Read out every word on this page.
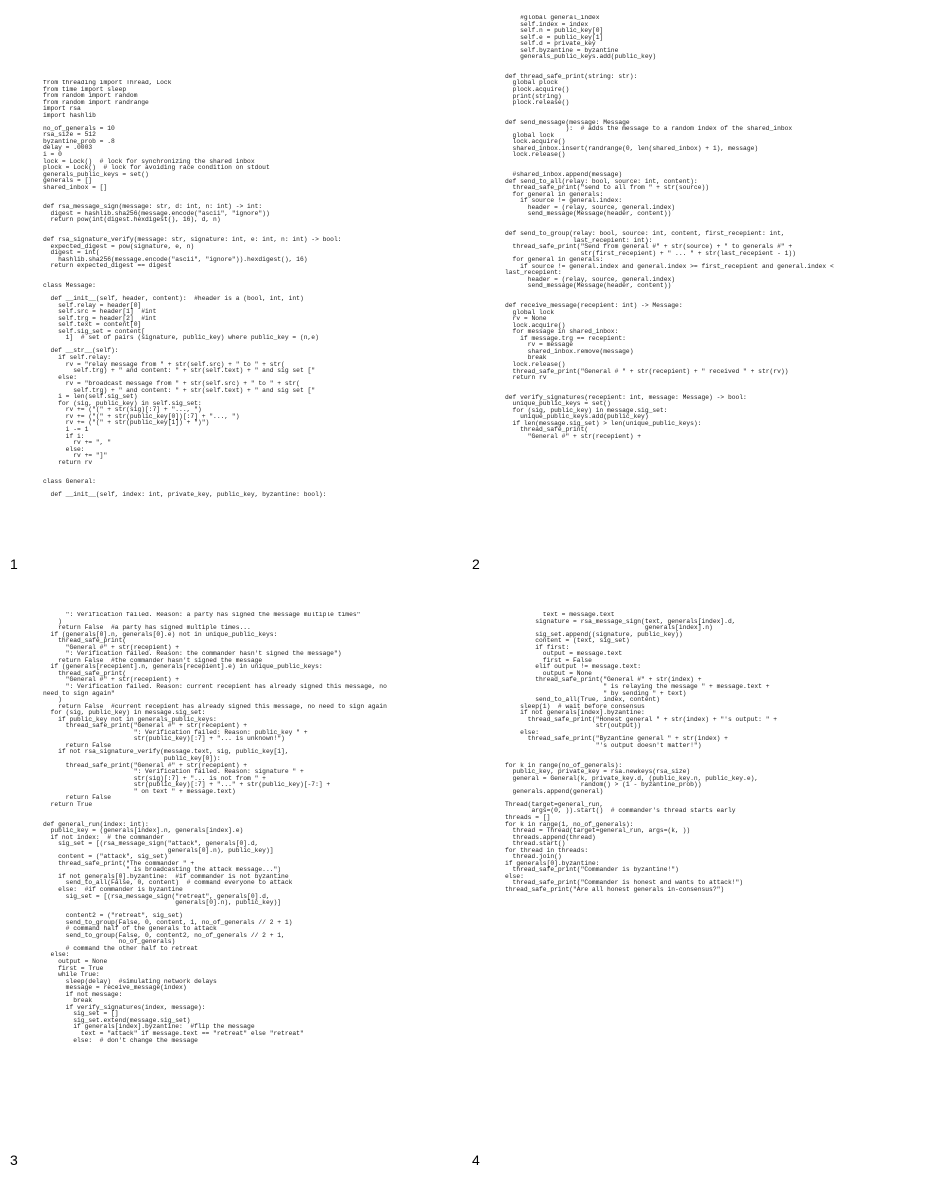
from threading import Thread, Lock
from time import sleep
from random import random
from random import randrange
import rsa
import hashlib

no_of_generals = 10
rsa_size = 512
byzantine_prob = .8
delay = .0003
i = 0
lock = Lock()  # lock for synchronizing the shared inbox
plock = Lock()  # lock for avoiding race condition on stdout
generals_public_keys = set()
generals = []
shared_inbox = []

def rsa_message_sign(message: str, d: int, n: int) -> int:
digest = hashlib.sha256(message.encode("ascii", "ignore"))
return pow(int(digest.hexdigest(), 16), d, n)

def rsa_signature_verify(message: str, signature: int, e: int, n: int) -> bool:
expected_digest = pow(signature, e, n)
digest = int(
hashlib.sha256(message.encode("ascii", "ignore")).hexdigest(), 16)
return expected_digest == digest

class Message:

def __init__(self, header, content):  #header is a (bool, int, int)
self.relay = header[0]
self.src = header[1]  #int
self.trg = header[2]  #int
self.text = content[0]
self.sig_set = content[
1]  # set of pairs (signature, public_key) where public_key = (n,e)

def __str__(self):
if self.relay:
rv = "relay message from " + str(self.src) + " to " + str(
self.trg) + " and content: " + str(self.text) + " and sig set ["
else:
rv = "broadcast message from " + str(self.src) + " to " + str(
self.trg) + " and content: " + str(self.text) + " and sig set ["
i = len(self.sig_set)
for (sig, public_key) in self.sig_set:
rv += ("(" + str(sig)[:7] + "..., ")
rv += ("(" + str(public_key[0])[:7] + "..., ")
rv += ("(" + str(public_key[1]) + ")")
i -= 1
if i:
rv += ", "
else:
rv += "]"
return rv

class General:

def __init__(self, index: int, private_key, public_key, byzantine: bool):
1
#global general_index
self.index = index
self.n = public_key[0]
self.e = public_key[1]
self.d = private_key
self.byzantine = byzantine
generals_public_keys.add(public_key)

def thread_safe_print(string: str):
global plock
plock.acquire()
print(string)
plock.release()

def send_message(message: Message
):  # adds the message to a random index of the shared_inbox
global lock
lock.acquire()
shared_inbox.insert(randrange(0, len(shared_inbox) + 1), message)
lock.release()

#shared_inbox.append(message)
def send_to_all(relay: bool, source: int, content):
thread_safe_print("send to all from " + str(source))
for general in generals:
if source != general.index:
header = (relay, source, general.index)
send_message(Message(header, content))

def send_to_group(relay: bool, source: int, content, first_recepient: int,
last_recepient: int):
thread_safe_print("Send from general #" + str(source) + " to generals #" +
str(first_recepient) + " ... " + str(last_recepient - 1))
for general in generals:
if source != general.index and general.index >= first_recepient and general.index <
last_recepient:
header = (relay, source, general.index)
send_message(Message(header, content))

def receive_message(recepient: int) -> Message:
global lock
rv = None
lock.acquire()
for message in shared_inbox:
if message.trg == recepient:
rv = message
shared_inbox.remove(message)
break
lock.release()
thread_safe_print("General # " + str(recepient) + " received " + str(rv))
return rv

def verify_signatures(recepient: int, message: Message) -> bool:
unique_public_keys = set()
for (sig, public_key) in message.sig_set:
unique_public_keys.add(public_key)
if len(message.sig_set) > len(unique_public_keys):
thread_safe_print(
"General #" + str(recepient) +
2
": Verification failed. Reason: a party has signed the message multiple times"
)
return False  #a party has signed multiple times...
if (generals[0].n, generals[0].e) not in unique_public_keys:
thread_safe_print(
"General #" + str(recepient) +
": Verification failed. Reason: the commander hasn't signed the message")
return False  #the commander hasn't signed the message
if (generals[recepient].n, generals[recepient].e) in unique_public_keys:
thread_safe_print(
"General #" + str(recepient) +
": Verification failed. Reason: current recepient has already signed this message, no
need to sign again"
)
return False  #current recepient has already signed this message, no need to sign again
for (sig, public_key) in message.sig_set:
if public_key not in generals_public_keys:
thread_safe_print("General #" + str(recepient) +
": Verification failed: Reason: public_key " +
str(public_key)[:7] + "... is unknown!")
return False
if not rsa_signature_verify(message.text, sig, public_key[1],
public_key[0]):
thread_safe_print("General #" + str(recepient) +
": Verification failed. Reason: signature " +
str(sig)[:7] + "... is not from " +
str(public_key)[:7] + "..." + str(public_key)[-7:] +
" on text " + message.text)
return False
return True

def general_run(index: int):
public_key = (generals[index].n, generals[index].e)
if not index:  # the commander
sig_set = [(rsa_message_sign("attack", generals[0].d,
generals[0].n), public_key)]
content = ("attack", sig_set)
thread_safe_print("The commander " +
" is broadcasting the attack message...")
if not generals[0].byzantine:  #if commander is not byzantine
send_to_all(False, 0, content)  # command everyone to attack
else:  #if commander is byzantine
sig_set = [(rsa_message_sign("retreat", generals[0].d,
generals[0].n), public_key)]

content2 = ("retreat", sig_set)
send_to_group(False, 0, content, 1, no_of_generals // 2 + 1)
# command half of the generals to attack
send_to_group(False, 0, content2, no_of_generals // 2 + 1,
no_of_generals)
# command the other half to retreat
else:
output = None
first = True
while True:
sleep(delay)  #simulating network delays
message = receive_message(index)
if not message:
break
if verify_signatures(index, message):
sig_set = []
sig_set.extend(message.sig_set)
if generals[index].byzantine:  #flip the message
text = "attack" if message.text == "retreat" else "retreat"
else:  # don't change the message
3
text = message.text
signature = rsa_message_sign(text, generals[index].d,
generals[index].n)
sig_set.append((signature, public_key))
content = (text, sig_set)
if first:
output = message.text
first = False
elif output != message.text:
output = None
thread_safe_print("General #" + str(index) +
" is relaying the message " + message.text +
" by sending " + text)
send_to_all(True, index, content)
sleep(1)  # wait before consensus
if not generals[index].byzantine:
thread_safe_print("Honest general " + str(index) + "'s output: " +
str(output))
else:
thread_safe_print("Byzantine general " + str(index) +
"'s output doesn't matter!")

for k in range(no_of_generals):
public_key, private_key = rsa.newkeys(rsa_size)
general = General(k, private_key.d, (public_key.n, public_key.e),
random() > (1 - byzantine_prob))
generals.append(general)

Thread(target=general_run,
args=(0, )).start()  # commander's thread starts early
threads = []
for k in range(1, no_of_generals):
thread = Thread(target=general_run, args=(k, ))
threads.append(thread)
thread.start()
for thread in threads:
thread.join()
if generals[0].byzantine:
thread_safe_print("Commander is byzantine!")
else:
thread_safe_print("Commander is honest and wants to attack!")
thread_safe_print("Are all honest generals in-consensus?")
4
